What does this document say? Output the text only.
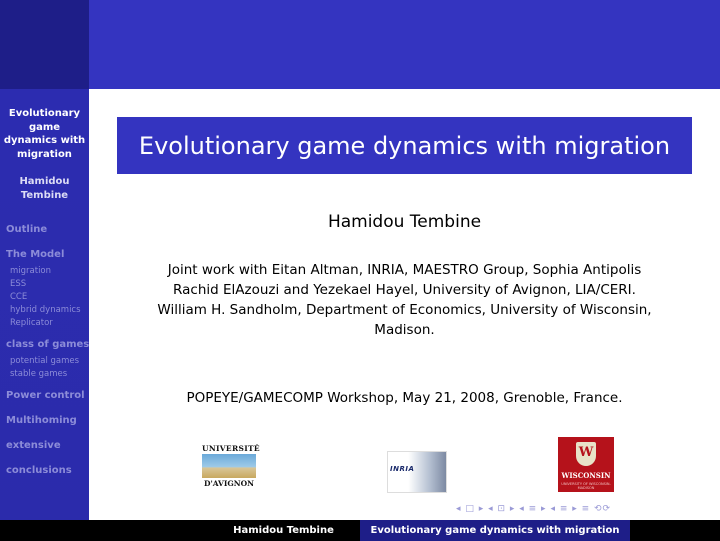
Evolutionary
game
dynamics with
migration
Hamidou
Tembine
Outline
The Model
migration
ESS
CCE
hybrid dynamics
Replicator
class of games
potential games
stable games
Power control
Multihoming
extensive
conclusions
Evolutionary game dynamics with migration
Hamidou Tembine
Joint work with Eitan Altman, INRIA, MAESTRO Group, Sophia Antipolis
Rachid ElAzouzi and Yezekael Hayel, University of Avignon, LIA/CERI.
William H. Sandholm, Department of Economics, University of Wisconsin,
Madison.
POPEYE/GAMECOMP Workshop, May 21, 2008, Grenoble, France.
UNIVERSITÉ
D'AVIGNON
INRIA
W
WISCONSIN
UNIVERSITY OF WISCONSIN-MADISON
◂ □ ▸ ◂ ⊡ ▸ ◂ ≡ ▸ ◂ ≡ ▸ ≡ ⟲⟳
Hamidou Tembine	Evolutionary game dynamics with migration
